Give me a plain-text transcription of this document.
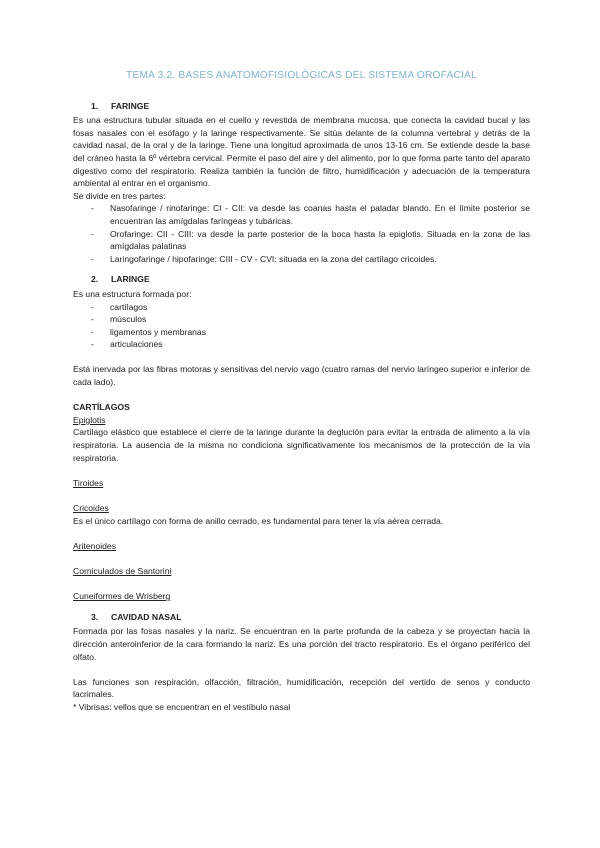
TEMA 3.2. BASES ANATOMOFISIOLÓGICAS DEL SISTEMA OROFACIAL
1. FARINGE

Es una estructura tubular situada en el cuello y revestida de membrana mucosa, que conecta la cavidad bucal y las fosas nasales con el esófago y la laringe respectivamente. Se sitúa delante de la columna vertebral y detrás de la cavidad nasal, de la oral y de la laringe. Tiene una longitud aproximada de unos 13-16 cm. Se extiende desde la base del cráneo hasta la 6º vértebra cervical. Permite el paso del aire y del alimento, por lo que forma parte tanto del aparato digestivo como del respiratorio. Realiza también la función de filtro, humidificación y adecuación de la temperatura ambiental al entrar en el organismo.

Se divide en tres partes:

- Nasofaringe / rinofaringe: CI - CII: va desde las coanas hasta el paladar blando. En el límite posterior se encuentran las amígdalas faríngeas y tubáricas.
- Orofaringe: CII - CIII: va desde la parte posterior de la boca hasta la epiglotis. Situada en la zona de las amígdalas palatinas
- Laringofaringe / hipofaringe: CIII - CV - CVI: situada en la zona del cartílago cricoides.
2. LARINGE

Es una estructura formada por:

- cartílagos
- músculos
- ligamentos y membranas
- articulaciones

Está inervada por las fibras motoras y sensitivas del nervio vago (cuatro ramas del nervio laríngeo superior e inferior de cada lado).

CARTÍLAGOS
Epiglotis

Cartílago elástico que establece el cierre de la laringe durante la deglución para evitar la entrada de alimento a la vía respiratoria. La ausencia de la misma no condiciona significativamente los mecanismos de la protección de la vía respiratoria.

Tiroides
Cricoides

Es el único cartílago con forma de anillo cerrado, es fundamental para tener la vía aérea cerrada.

Aritenoides
Corniculados de Santorini
Cuneiformes de Wrisberg
3. CAVIDAD NASAL

Formada por las fosas nasales y la nariz. Se encuentran en la parte profunda de la cabeza y se proyectan hacia la dirección anteroinferior de la cara formando la nariz. Es una porción del tracto respiratorio. Es el órgano periférico del olfato.

Las funciones son respiración, olfacción, filtración, humidificación, recepción del vertido de senos y conducto lacrimales.

* Vibrisas: vellos que se encuentran en el vestíbulo nasal
